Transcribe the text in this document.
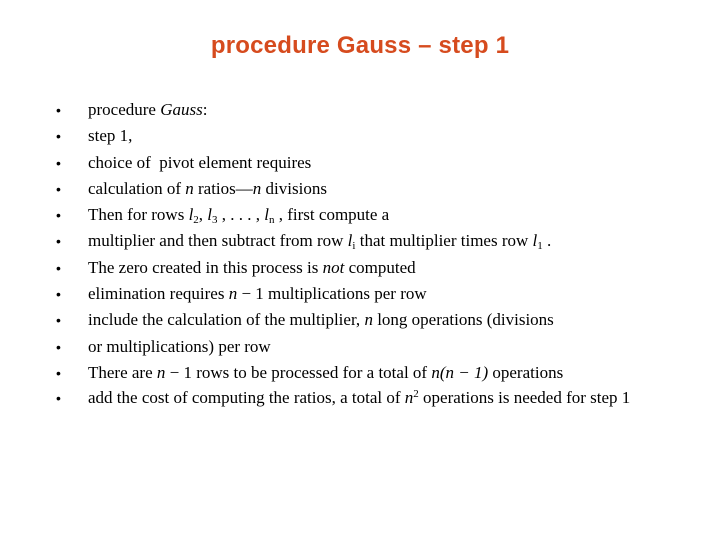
procedure Gauss – step 1
• procedure Gauss:
• step 1,
• choice of  pivot element requires
• calculation of n ratios—n divisions
• Then for rows $l_2$, $l_3$ , . . . , $l_n$ , first compute a
• multiplier and then subtract from row $l_i$ that multiplier times row $l_1$ .
• The zero created in this process is not computed
• elimination requires n − 1 multiplications per row
• include the calculation of the multiplier, n long operations (divisions
• or multiplications) per row
• There are n − 1 rows to be processed for a total of n(n − 1) operations
• add the cost of computing the ratios, a total of $n^2$ operations is needed for step 1
